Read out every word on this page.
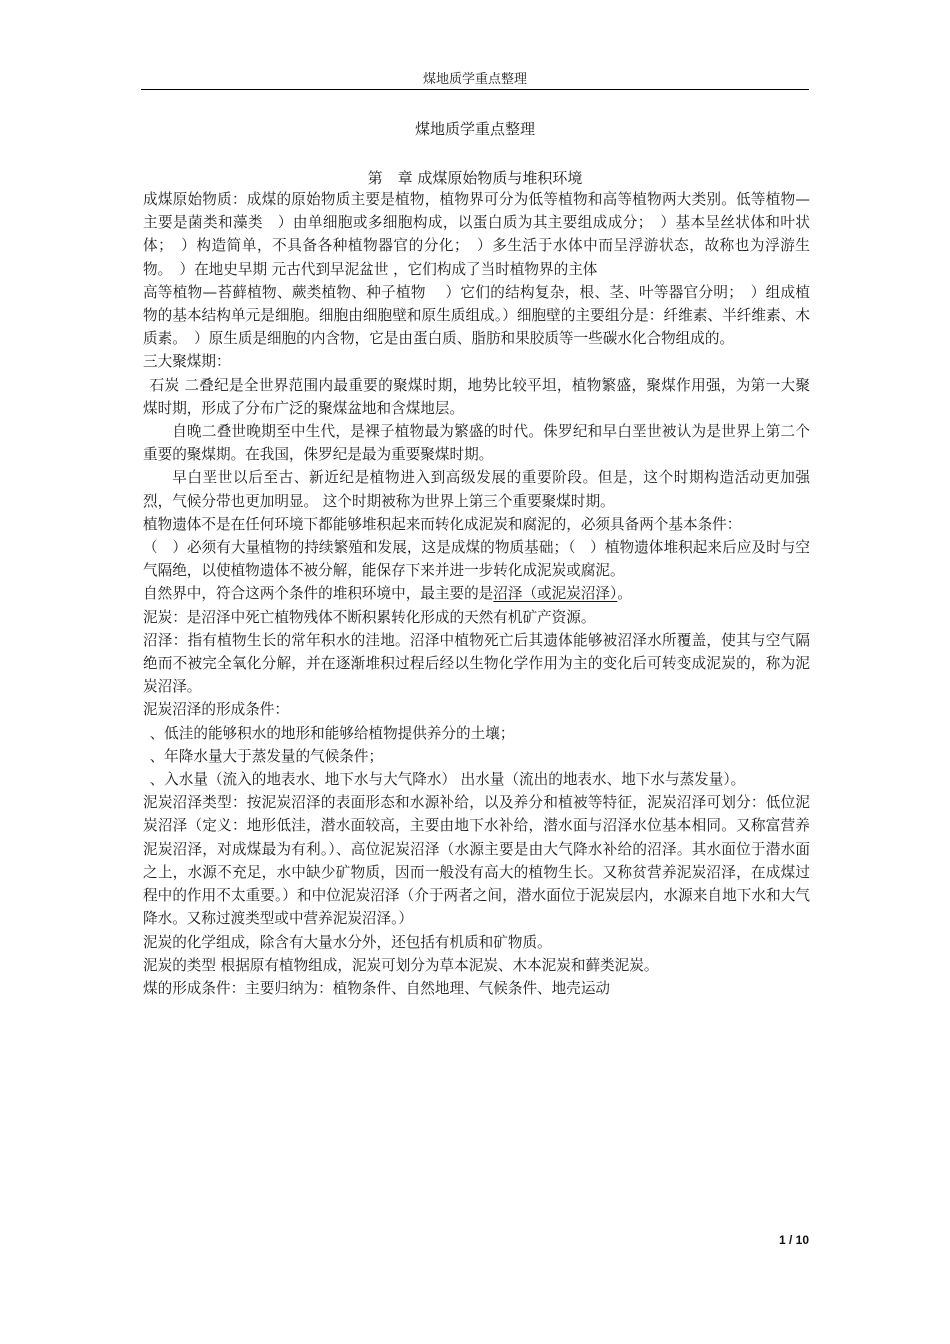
煤地质学重点整理
煤地质学重点整理
第　章 成煤原始物质与堆积环境

成煤原始物质：成煤的原始物质主要是植物，植物界可分为低等植物和高等植物两大类别。低等植物—主要是菌类和藻类　）由单细胞或多细胞构成，以蛋白质为其主要组成成分；　）基本呈丝状体和叶状体；　）构造简单，不具备各种植物器官的分化；　）多生活于水体中而呈浮游状态，故称也为浮游生物。　）在地史早期 元古代到早泥盆世 ，它们构成了当时植物界的主体

高等植物—苔藓植物、蕨类植物、种子植物　 ）它们的结构复杂，根、茎、叶等器官分明；　）组成植物的基本结构单元是细胞。细胞由细胞壁和原生质组成。）细胞壁的主要组分是：纤维素、半纤维素、木质素。　）原生质是细胞的内含物，它是由蛋白质、脂肪和果胶质等一些碳水化合物组成的。

三大聚煤期：

石炭 二叠纪是全世界范围内最重要的聚煤时期，地势比较平坦，植物繁盛，聚煤作用强，为第一大聚煤时期，形成了分布广泛的聚煤盆地和含煤地层。

自晚二叠世晚期至中生代，是裸子植物最为繁盛的时代。侏罗纪和早白垩世被认为是世界上第二个重要的聚煤期。在我国，侏罗纪是最为重要聚煤时期。

早白垩世以后至古、新近纪是植物进入到高级发展的重要阶段。但是，这个时期构造活动更加强烈，气候分带也更加明显。 这个时期被称为世界上第三个重要聚煤时期。

植物遗体不是在任何环境下都能够堆积起来而转化成泥炭和腐泥的，必须具备两个基本条件：

（　）必须有大量植物的持续繁殖和发展，这是成煤的物质基础；（　）植物遗体堆积起来后应及时与空气隔绝，以使植物遗体不被分解，能保存下来并进一步转化成泥炭或腐泥。

自然界中，符合这两个条件的堆积环境中，最主要的是沼泽（或泥炭沼泽）。

泥炭：是沼泽中死亡植物残体不断积累转化形成的天然有机矿产资源。

沼泽：指有植物生长的常年积水的洼地。沼泽中植物死亡后其遗体能够被沼泽水所覆盖，使其与空气隔绝而不被完全氧化分解，并在逐渐堆积过程后经以生物化学作用为主的变化后可转变成泥炭的，称为泥炭沼泽。

泥炭沼泽的形成条件：

、低洼的能够积水的地形和能够给植物提供养分的土壤；

、年降水量大于蒸发量的气候条件；

、入水量（流入的地表水、地下水与大气降水） 出水量（流出的地表水、地下水与蒸发量）。

泥炭沼泽类型：按泥炭沼泽的表面形态和水源补给，以及养分和植被等特征，泥炭沼泽可划分：低位泥炭沼泽（定义：地形低洼，潜水面较高，主要由地下水补给，潜水面与沼泽水位基本相同。又称富营养泥炭沼泽，对成煤最为有利。）、高位泥炭沼泽（水源主要是由大气降水补给的沼泽。其水面位于潜水面之上，水源不充足，水中缺少矿物质，因而一般没有高大的植物生长。又称贫营养泥炭沼泽，在成煤过程中的作用不太重要。）和中位泥炭沼泽（介于两者之间，潜水面位于泥炭层内，水源来自地下水和大气降水。又称过渡类型或中营养泥炭沼泽。）

泥炭的化学组成，除含有大量水分外，还包括有机质和矿物质。

泥炭的类型 根据原有植物组成，泥炭可划分为草本泥炭、木本泥炭和藓类泥炭。

煤的形成条件：主要归纳为：植物条件、自然地理、气候条件、地壳运动

1 / 10
